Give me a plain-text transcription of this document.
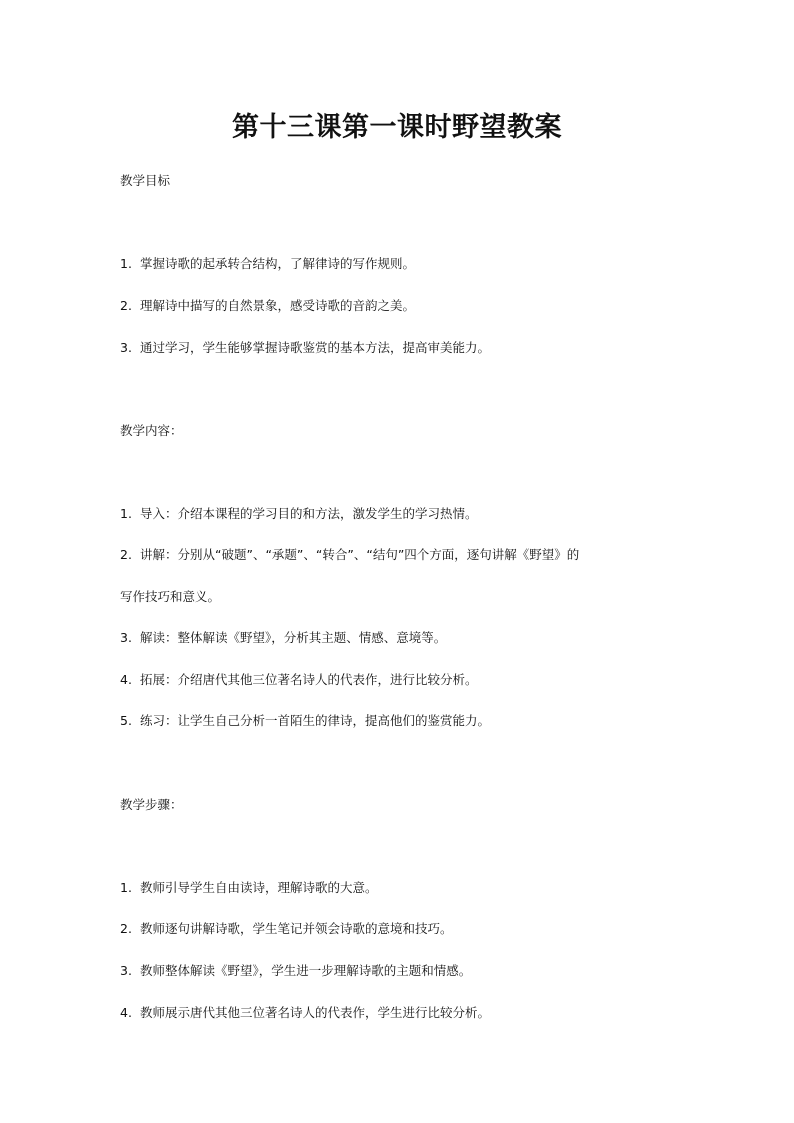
第十三课第一课时野望教案
教学目标
1. 掌握诗歌的起承转合结构，了解律诗的写作规则。
2. 理解诗中描写的自然景象，感受诗歌的音韵之美。
3. 通过学习，学生能够掌握诗歌鉴赏的基本方法，提高审美能力。
教学内容：
1. 导入：介绍本课程的学习目的和方法，激发学生的学习热情。
2. 讲解：分别从“破题”、“承题”、“转合”、“结句”四个方面，逐句讲解《野望》的
写作技巧和意义。
3. 解读：整体解读《野望》，分析其主题、情感、意境等。
4. 拓展：介绍唐代其他三位著名诗人的代表作，进行比较分析。
5. 练习：让学生自己分析一首陌生的律诗，提高他们的鉴赏能力。
教学步骤：
1. 教师引导学生自由读诗，理解诗歌的大意。
2. 教师逐句讲解诗歌，学生笔记并领会诗歌的意境和技巧。
3. 教师整体解读《野望》，学生进一步理解诗歌的主题和情感。
4. 教师展示唐代其他三位著名诗人的代表作，学生进行比较分析。
